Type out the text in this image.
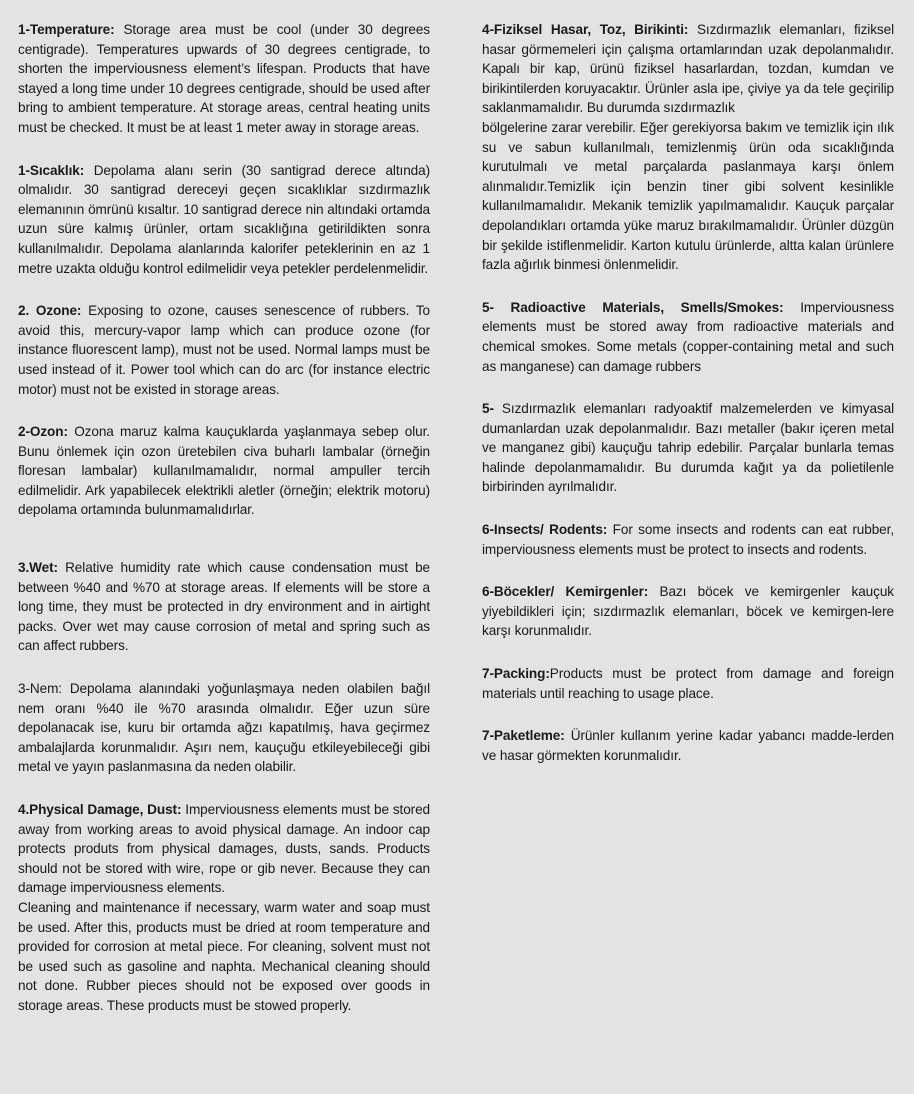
1-Temperature: Storage area must be cool (under 30 degrees centigrade). Temperatures upwards of 30 degrees centigrade, to shorten the imperviousness element’s lifespan. Products that have stayed a long time under 10 degrees centigrade, should be used after bring to ambient temperature. At storage areas, central heating units must be checked. It must be at least 1 meter away in storage areas.

1-Sıcaklık: Depolama alanı serin (30 santigrad derece altında) olmalıdır. 30 santigrad dereceyi geçen sıcaklıklar sızdırmazlık elemanının ömrünü kısaltır. 10 santigrad derece nin altındaki ortamda uzun süre kalmış ürünler, ortam sıcaklığına getirildikten sonra kullanılmalıdır. Depolama alanlarında kalorifer peteklerinin en az 1 metre uzakta olduğu kontrol edilmelidir veya petekler perdelenmelidir.

2. Ozone: Exposing to ozone, causes senescence of rubbers. To avoid this, mercury-vapor lamp which can produce ozone (for instance fluorescent lamp), must not be used. Normal lamps must be used instead of it. Power tool which can do arc (for instance electric motor) must not be existed in storage areas.

2-Ozon: Ozona maruz kalma kauçuklarda yaşlanmaya sebep olur. Bunu önlemek için ozon üretebilen civa buharlı lambalar (örneğin floresan lambalar) kullanılmamalıdır, normal ampuller tercih edilmelidir. Ark yapabilecek elektrikli aletler (örneğin; elektrik motoru) depolama ortamında bulunmamalıdırlar.

3.Wet: Relative humidity rate which cause condensation must be between %40 and %70 at storage areas. If elements will be store a long time, they must be protected in dry environment and in airtight packs. Over wet may cause corrosion of metal and spring such as can affect rubbers.

3-Nem: Depolama alanındaki yoğunlaşmaya neden olabilen bağıl nem oranı %40 ile %70 arasında olmalıdır. Eğer uzun süre depolanacak ise, kuru bir ortamda ağzı kapatılmış, hava geçirmez ambalajlarda korunmalıdır. Aşırı nem, kauçuğu etkileyebileceği gibi metal ve yayın paslanmasına da neden olabilir.

4.Physical Damage, Dust: Imperviousness elements must be stored away from working areas to avoid physical damage. An indoor cap protects produts from physical damages, dusts, sands. Products should not be stored with wire, rope or gib never. Because they can damage imperviousness elements.
Cleaning and maintenance if necessary, warm water and soap must be used. After this, products must be dried at room temperature and provided for corrosion at metal piece. For cleaning, solvent must not be used such as gasoline and naphta. Mechanical cleaning should not done. Rubber pieces should not be exposed over goods in storage areas. These products must be stowed properly.

4-Fiziksel Hasar, Toz, Birikinti: Sızdırmazlık elemanları, fiziksel hasar görmemeleri için çalışma ortamlarından uzak depolanmalıdır. Kapalı bir kap, ürünü fiziksel hasarlardan, tozdan, kumdan ve birikintilerden koruyacaktır. Ürünler asla ipe, çiviye ya da tele geçirilip saklanmamalıdır. Bu durumda sızdırmazlık
bölgelerine zarar verebilir. Eğer gerekiyorsa bakım ve temizlik için ılık su ve sabun kullanılmalı, temizlenmiş ürün oda sıcaklığında kurutulmalı ve metal parçalarda paslanmaya karşı önlem alınmalıdır.Temizlik için benzin tiner gibi solvent kesinlikle kullanılmamalıdır. Mekanik temizlik yapılmamalıdır. Kauçuk parçalar depolandıkları ortamda yüke maruz bırakılmamalıdır. Ürünler düzgün bir şekilde istiflenmelidir. Karton kutulu ürünlerde, altta kalan ürünlere fazla ağırlık binmesi önlenmelidir.

5- Radioactive Materials, Smells/Smokes: Imperviousness elements must be stored away from radioactive materials and chemical smokes. Some metals (copper-containing metal and such as manganese) can damage rubbers

5- Sızdırmazlık elemanları radyoaktif malzemelerden ve kimyasal dumanlardan uzak depolanmalıdır. Bazı metaller (bakır içeren metal ve manganez gibi) kauçuğu tahrip edebilir. Parçalar bunlarla temas halinde depolanmamalıdır. Bu durumda kağıt ya da polietilenle birbirinden ayrılmalıdır.

6-Insects/ Rodents: For some insects and rodents can eat rubber, imperviousness elements must be protect to insects and rodents.

6-Böcekler/ Kemirgenler: Bazı böcek ve kemirgenler kauçuk yiyebildikleri için; sızdırmazlık elemanları, böcek ve kemirgen-lere karşı korunmalıdır.

7-Packing:Products must be protect from damage and foreign materials until reaching to usage place.

7-Paketleme: Ürünler kullanım yerine kadar yabancı madde-lerden ve hasar görmekten korunmalıdır.
